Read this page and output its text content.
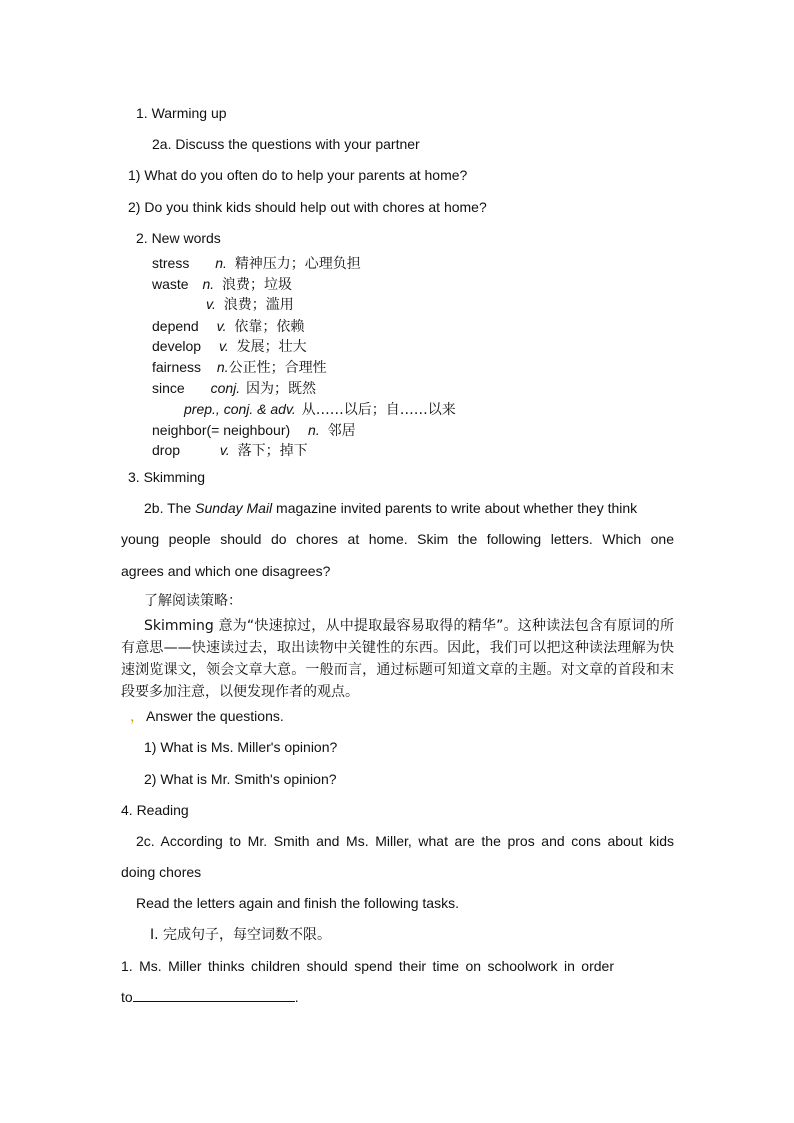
1. Warming up
2a. Discuss the questions with your partner
1) What do you often do to help your parents at home?
2) Do you think kids should help out with chores at home?
2. New words
stress n. 精神压力；心理负担
waste n. 浪费；垃圾
v. 浪费；滥用
depend v. 依靠；依赖
develop v. 发展；壮大
fairness n.公正性；合理性
since conj. 因为；既然
prep., conj. & adv. 从……以后；自……以来
neighbor(= neighbour) n. 邻居
drop	v. 落下；掉下
3. Skimming
2b. The Sunday Mail magazine invited parents to write about whether they think
young people should do chores at home. Skim the following letters. Which one
agrees and which one disagrees?
了解阅读策略：
Skimming 意为“快速掠过，从中提取最容易取得的精华”。这种读法包含有原词的所有意思——快速读过去，取出读物中关键性的东西。因此，我们可以把这种读法理解为快速浏览课文，领会文章大意。一般而言，通过标题可知道文章的主题。对文章的首段和末段要多加注意，以便发现作者的观点。
， Answer the questions.
1) What is Ms. Miller's opinion?
2) What is Mr. Smith's opinion?
4. Reading
2c. According to Mr. Smith and Ms. Miller, what are the pros and cons about kids
doing chores
Read the letters again and finish the following tasks.
I. 完成句子，每空词数不限。
1. Ms. Miller thinks children should spend their time on schoolwork in order
to	.
